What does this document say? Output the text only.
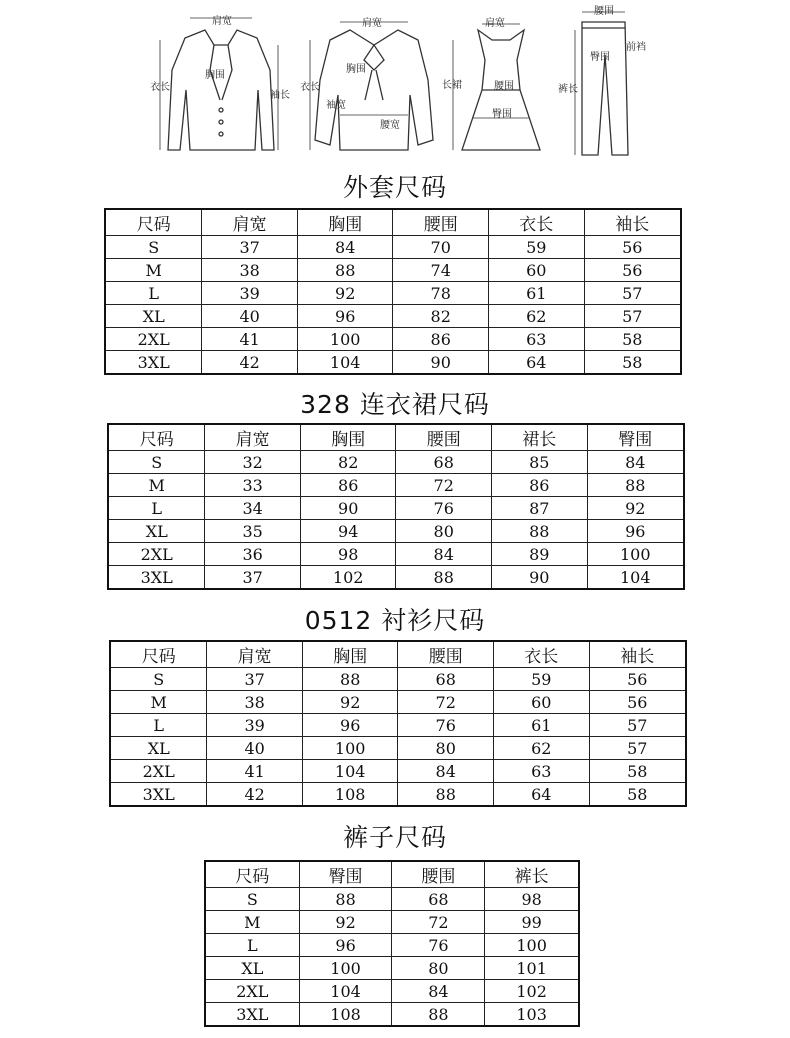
肩宽
胸围
衣长
袖长
肩宽
胸围
衣长
袖宽
腰宽
肩宽
长裙	腰围
臀围
腰围
前裆
臀围
裤长
外套尺码
尺码	肩宽	胸围	腰围	衣长	袖长
S	37	84	70	59	56
M	38	88	74	60	56
L	39	92	78	61	57
XL	40	96	82	62	57
2XL	41	100	86	63	58
3XL	42	104	90	64	58
328 连衣裙尺码
尺码	肩宽	胸围	腰围	裙长	臀围
S	32	82	68	85	84
M	33	86	72	86	88
L	34	90	76	87	92
XL	35	94	80	88	96
2XL	36	98	84	89	100
3XL	37	102	88	90	104
0512 衬衫尺码
尺码	肩宽	胸围	腰围	衣长	袖长
S	37	88	68	59	56
M	38	92	72	60	56
L	39	96	76	61	57
XL	40	100	80	62	57
2XL	41	104	84	63	58
3XL	42	108	88	64	58
裤子尺码
尺码	臀围	腰围	裤长
S	88	68	98
M	92	72	99
L	96	76	100
XL	100	80	101
2XL	104	84	102
3XL	108	88	103
